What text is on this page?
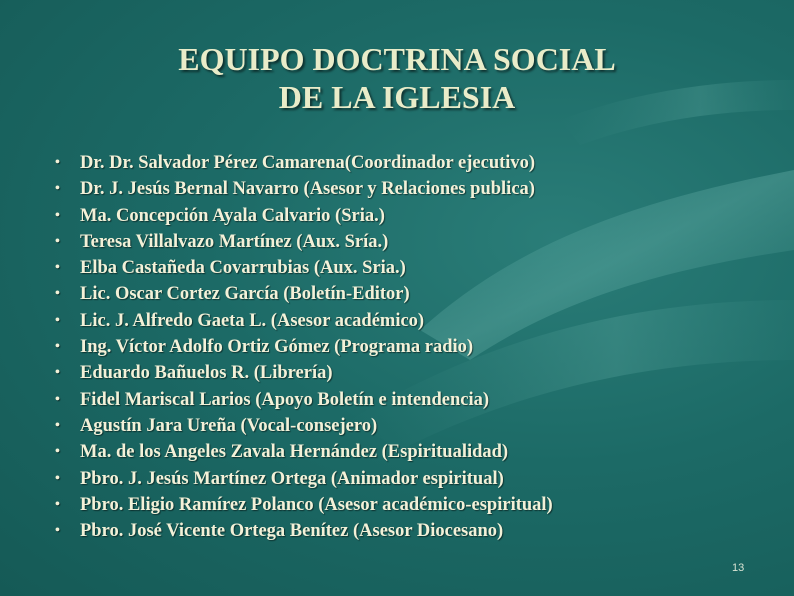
EQUIPO DOCTRINA SOCIAL
DE LA IGLESIA
• Dr. Dr. Salvador Pérez Camarena(Coordinador ejecutivo)
• Dr. J. Jesús Bernal Navarro (Asesor y Relaciones publica)
• Ma. Concepción Ayala Calvario (Sria.)
• Teresa Villalvazo Martínez (Aux. Sría.)
• Elba Castañeda Covarrubias (Aux. Sria.)
• Lic. Oscar Cortez García (Boletín-Editor)
• Lic. J. Alfredo Gaeta L. (Asesor académico)
• Ing. Víctor Adolfo Ortiz Gómez (Programa radio)
• Eduardo Bañuelos R. (Librería)
• Fidel Mariscal Larios (Apoyo Boletín e intendencia)
• Agustín Jara Ureña (Vocal-consejero)
• Ma. de los Angeles Zavala Hernández (Espiritualidad)
• Pbro. J. Jesús Martínez Ortega (Animador espiritual)
• Pbro. Eligio Ramírez Polanco (Asesor académico-espiritual)
• Pbro. José Vicente Ortega Benítez (Asesor Diocesano)
13
